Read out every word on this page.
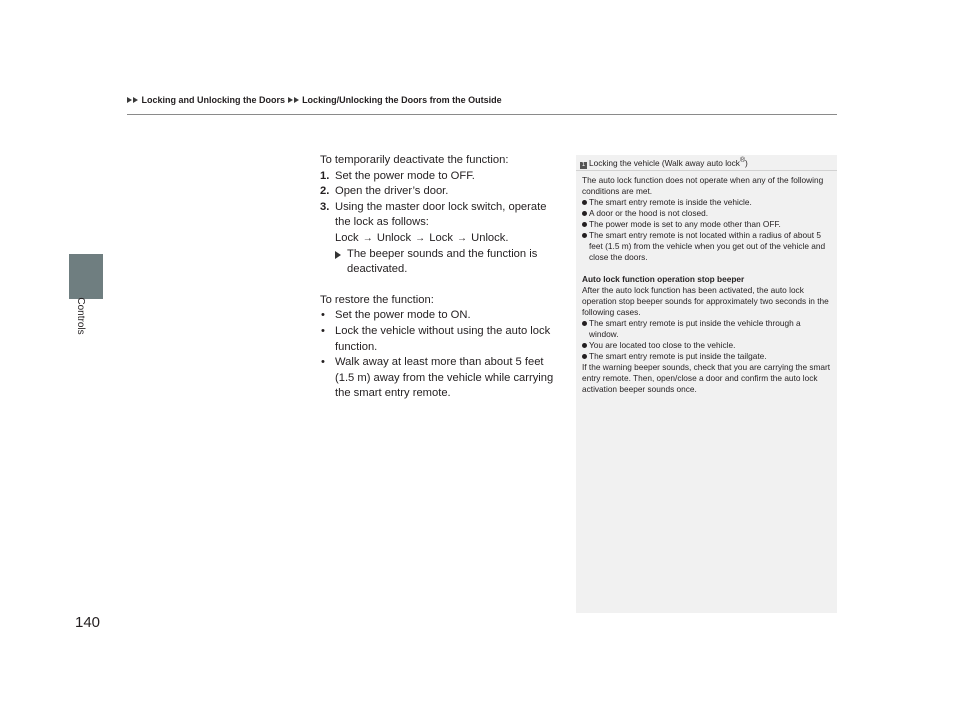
Locking and Unlocking the Doors Locking/Unlocking the Doors from the Outside
Controls
140

To temporarily deactivate the function:

1. Set the power mode to OFF.
2. Open the driver’s door.
3. Using the master door lock switch, operate the lock as follows:
Lock → Unlock → Lock → Unlock.
The beeper sounds and the function is deactivated.

To restore the function:

• Set the power mode to ON.
• Lock the vehicle without using the auto lock function.
• Walk away at least more than about 5 feet (1.5 m) away from the vehicle while carrying the smart entry remote.
1 Locking the vehicle (Walk away auto lock®)

The auto lock function does not operate when any of the following conditions are met.

The smart entry remote is inside the vehicle.
A door or the hood is not closed.
The power mode is set to any mode other than OFF.
The smart entry remote is not located within a radius of about 5 feet (1.5 m) from the vehicle when you get out of the vehicle and close the doors.

Auto lock function operation stop beeper

After the auto lock function has been activated, the auto lock operation stop beeper sounds for approximately two seconds in the following cases.

The smart entry remote is put inside the vehicle through a window.
You are located too close to the vehicle.
The smart entry remote is put inside the tailgate.

If the warning beeper sounds, check that you are carrying the smart entry remote. Then, open/close a door and confirm the auto lock activation beeper sounds once.
